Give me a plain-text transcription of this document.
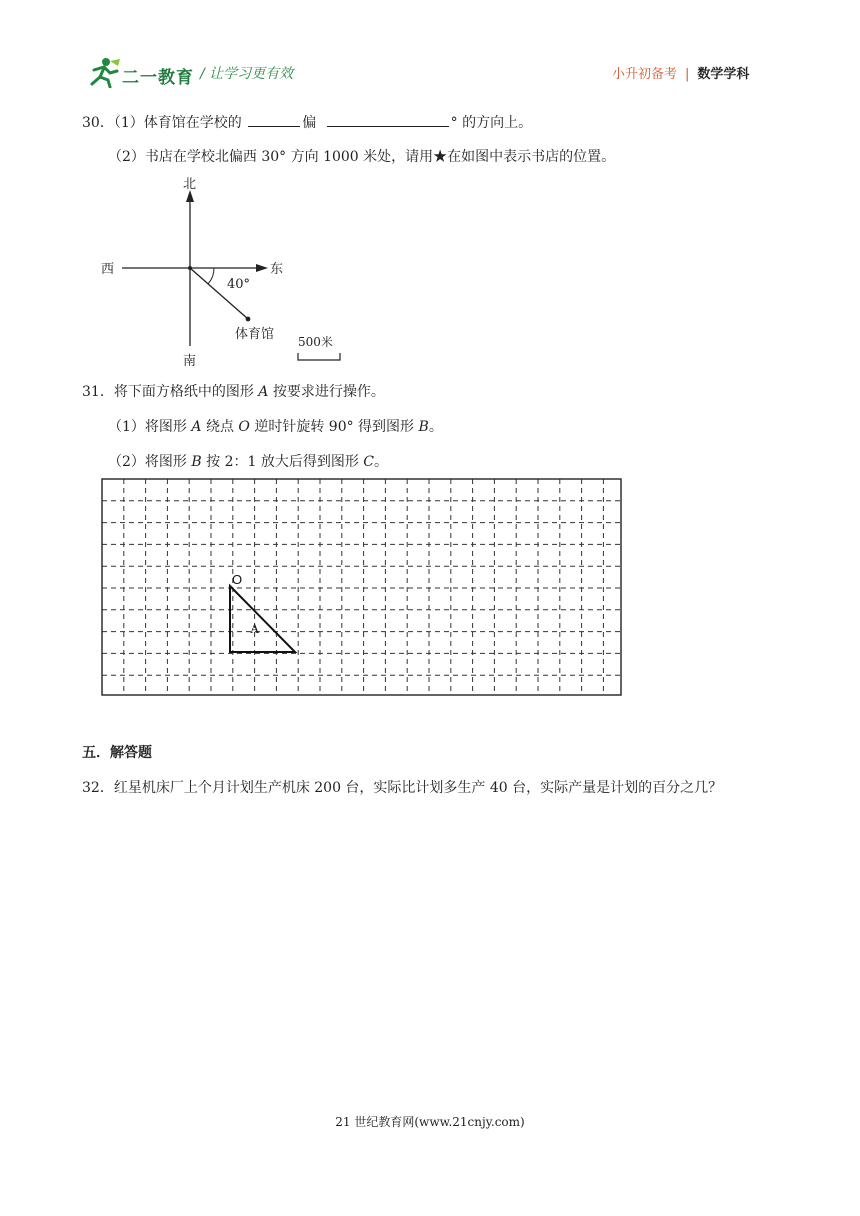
二一教育 / 让学习更有效	小升初备考 | 数学学科
30．（1）体育馆在学校的	偏	° 的方向上。
（2）书店在学校北偏西 30° 方向 1000 米处，请用★在如图中表示书店的位置。
北
南
西	东
40°
体育馆 500米
31．将下面方格纸中的图形 A 按要求进行操作。
（1）将图形 A 绕点 O 逆时针旋转 90° 得到图形 B。
（2）将图形 B 按 2：1 放大后得到图形 C。
O
A
五．解答题
32．红星机床厂上个月计划生产机床 200 台，实际比计划多生产 40 台，实际产量是计划的百分之几？
21 世纪教育网(www.21cnjy.com)
